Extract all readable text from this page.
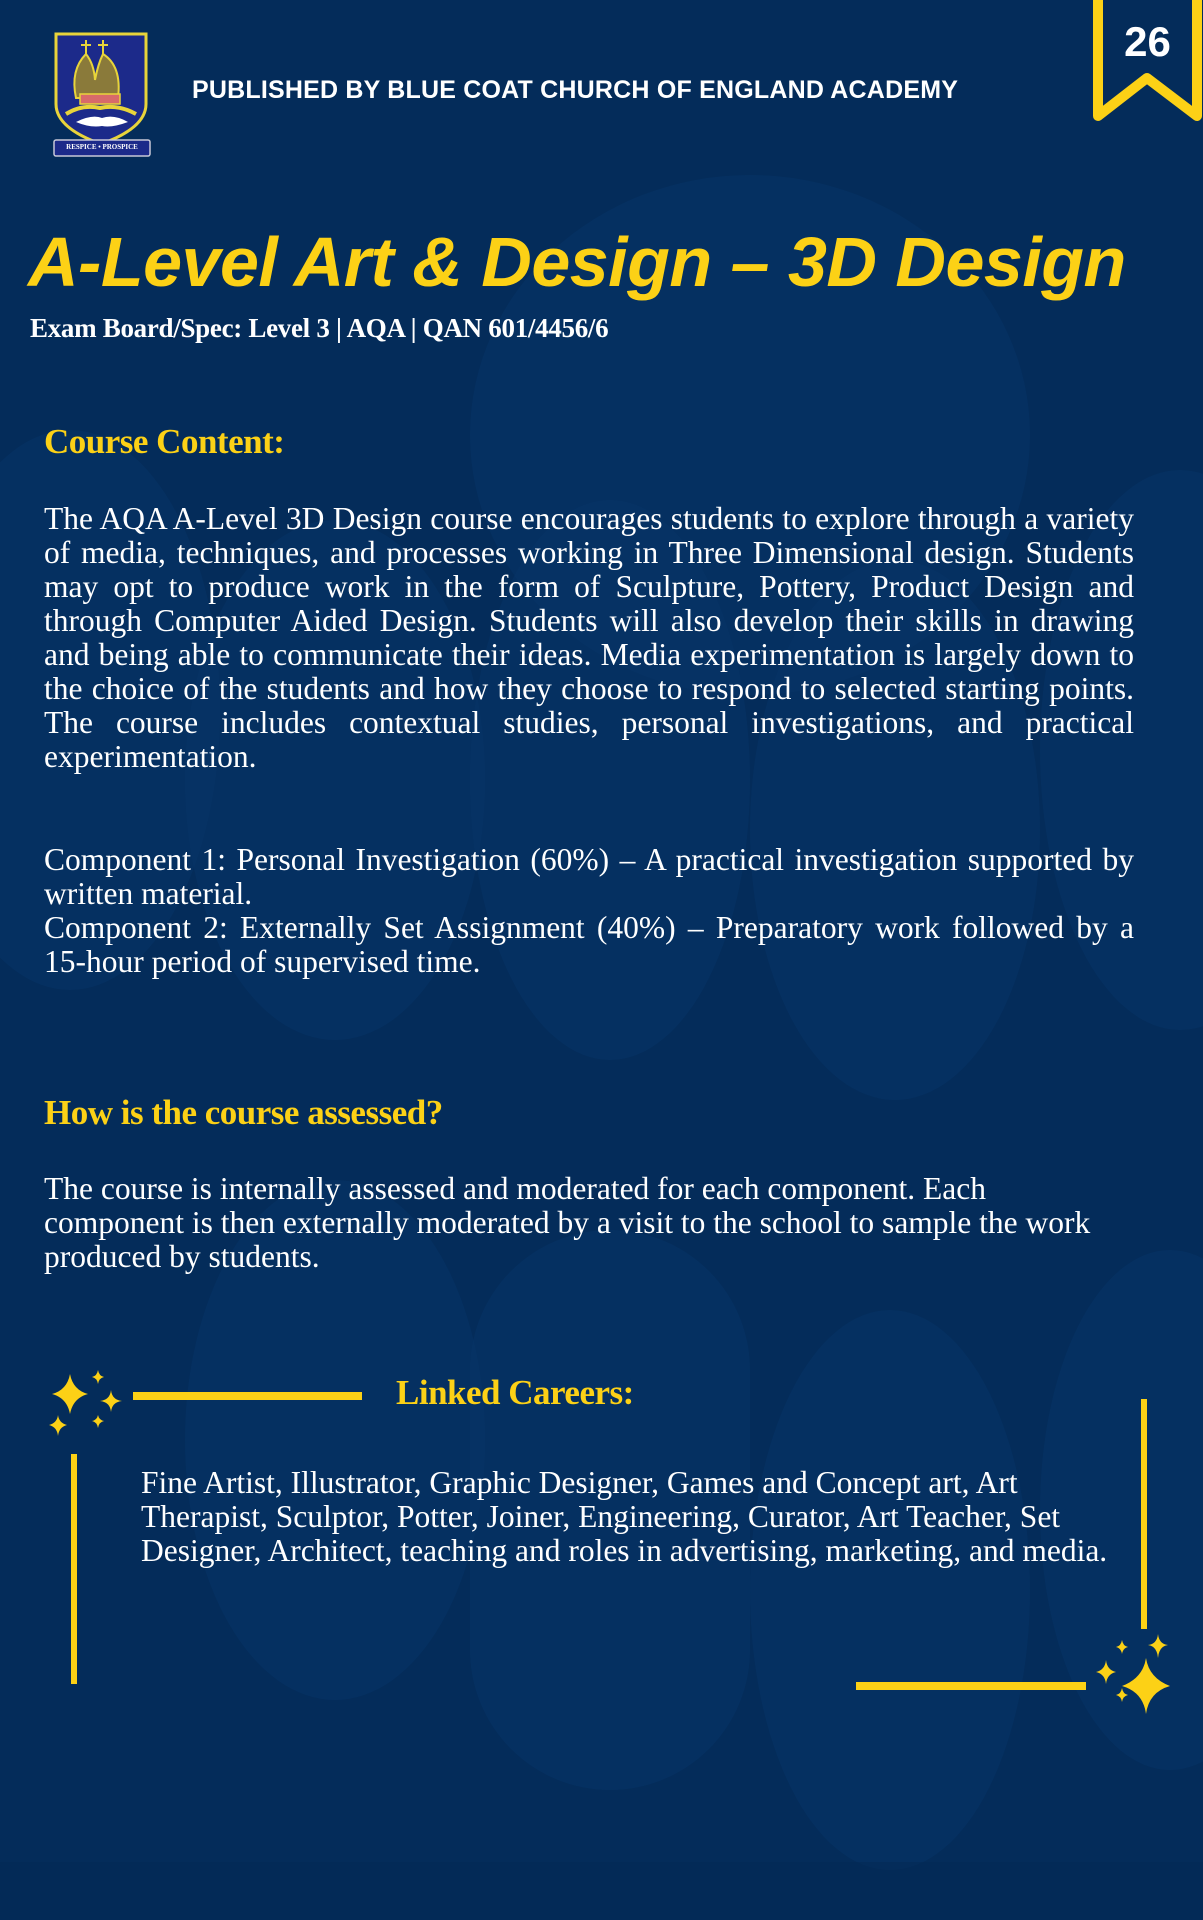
RESPICE • PROSPICE
PUBLISHED BY BLUE COAT CHURCH OF ENGLAND ACADEMY
26
A-Level Art & Design – 3D Design
Exam Board/Spec: Level 3 | AQA | QAN 601/4456/6
Course Content:
The AQA A-Level 3D Design course encourages students to explore through a variety of media, techniques, and processes working in Three Dimensional design. Students may opt to produce work in the form of Sculpture, Pottery, Product Design and through Computer Aided Design. Students will also develop their skills in drawing and being able to communicate their ideas. Media experimentation is largely down to the choice of the students and how they choose to respond to selected starting points. The course includes contextual studies, personal investigations, and practical experimentation.
Component 1: Personal Investigation (60%) – A practical investigation supported by written material.
Component 2: Externally Set Assignment (40%) – Preparatory work followed by a 15-hour period of supervised time.
How is the course assessed?
The course is internally assessed and moderated for each component. Each component is then externally moderated by a visit to the school to sample the work produced by students.
Linked Careers:
Fine Artist, Illustrator, Graphic Designer, Games and Concept art, Art Therapist, Sculptor, Potter, Joiner, Engineering, Curator, Art Teacher, Set Designer, Architect, teaching and roles in advertising, marketing, and media.
